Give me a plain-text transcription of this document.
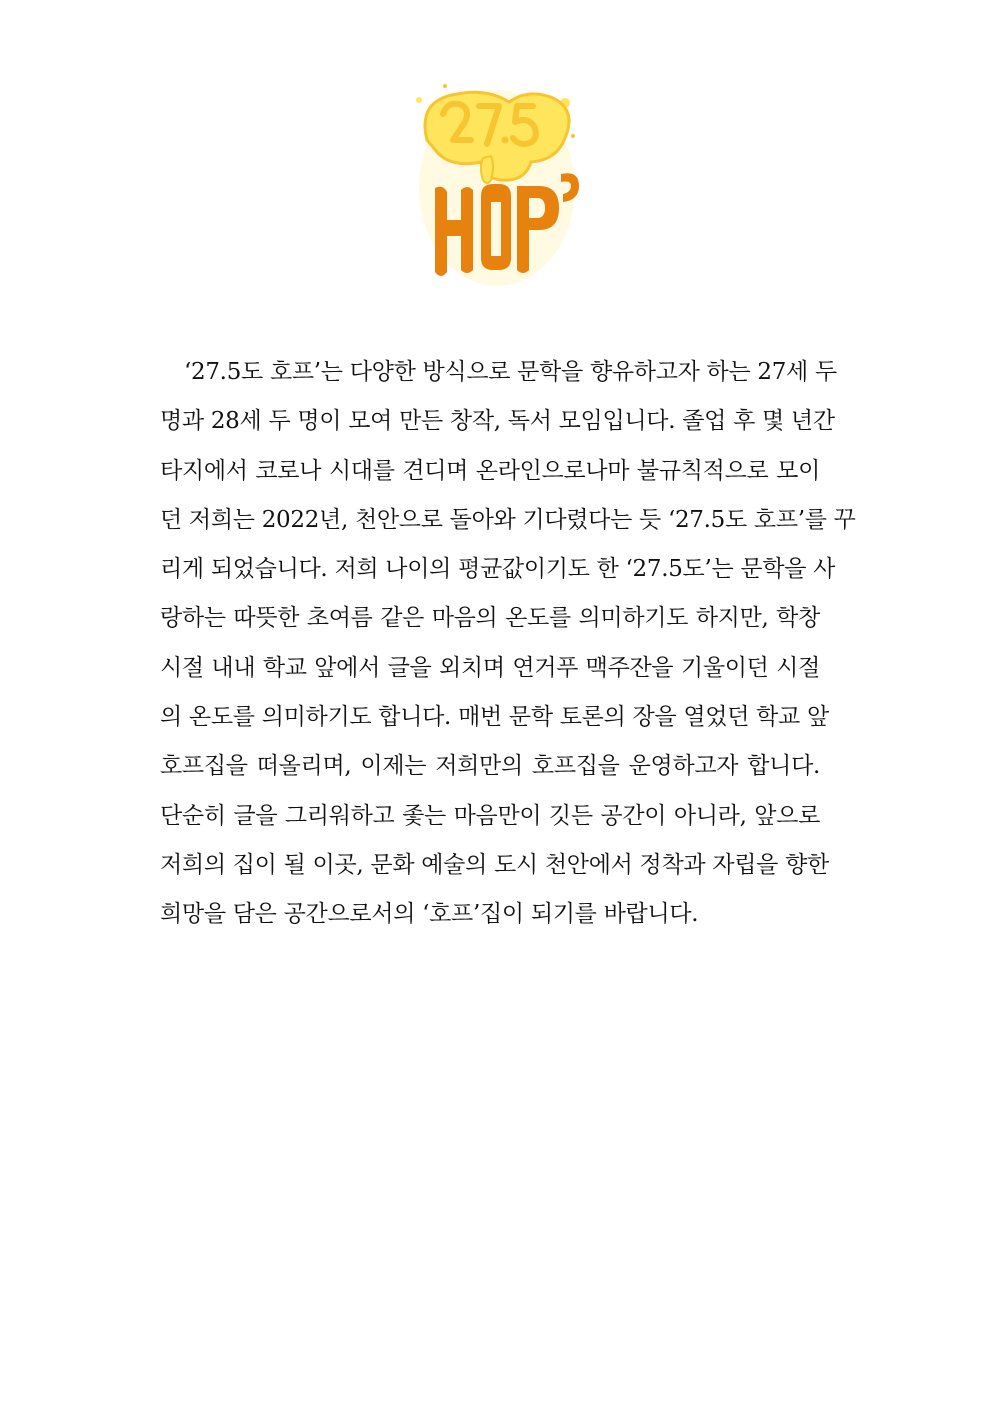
‘27.5도 호프’는 다양한 방식으로 문학을 향유하고자 하는 27세 두
명과 28세 두 명이 모여 만든 창작, 독서 모임입니다. 졸업 후 몇 년간
타지에서 코로나 시대를 견디며 온라인으로나마 불규칙적으로 모이
던 저희는 2022년, 천안으로 돌아와 기다렸다는 듯 ‘27.5도 호프’를 꾸
리게 되었습니다. 저희 나이의 평균값이기도 한 ‘27.5도’는 문학을 사
랑하는 따뜻한 초여름 같은 마음의 온도를 의미하기도 하지만, 학창
시절 내내 학교 앞에서 글을 외치며 연거푸 맥주잔을 기울이던 시절
의 온도를 의미하기도 합니다. 매번 문학 토론의 장을 열었던 학교 앞
호프집을 떠올리며, 이제는 저희만의 호프집을 운영하고자 합니다.
단순히 글을 그리워하고 좇는 마음만이 깃든 공간이 아니라, 앞으로
저희의 집이 될 이곳, 문화 예술의 도시 천안에서 정착과 자립을 향한
희망을 담은 공간으로서의 ‘호프’집이 되기를 바랍니다.
